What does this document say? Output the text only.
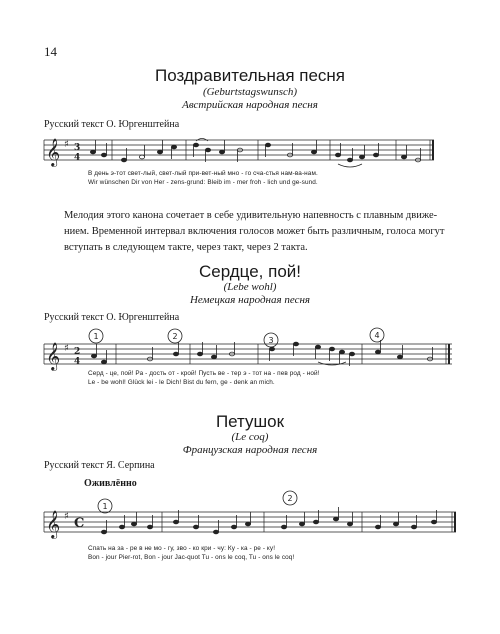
14
Поздравительная песня
(Geburtstagswunsch)
Австрийская народная песня
Русский текст О. Юргенштейна
𝄞 ♯ 3
4
𝄞 ♯ 2
4
𝄞 ♯ C
1	2	3
4
1
2
В день э-тот свет-лый, свет-лый при-вет-ный мно - го сча-стья нам-ва-нам.
Wir wünschen Dir von Her - zens-grund: Bleib im - mer froh - lich und ge-sund.
Мелодия этого канона сочетает в себе удивительную напевность с плавным движе-
нием. Временной интервал включения голосов может быть различным, голоса могут
вступать в следующем такте, через такт, через 2 такта.
Сердце, пой!
(Lebe wohl)
Немецкая народная песня
Русский текст О. Юргенштейна
Серд - це, пой! Ра - дость от - крой! Пусть ве - тер э - тот на - пев род - ной!
Le - be wohl! Glück lei - le Dich! Bist du fern, ge - denk an mich.
Петушок
(Le coq)
Французская народная песня
Русский текст Я. Серпина
Оживлённо
Спать на за - ре в не мо - гу, зво - ко кри - чу: Ку - ка - ре - ку!
Bon - jour Pier-rot, Bon - jour Jac-quot Tu - ons le coq, Tu - ons le coq!
